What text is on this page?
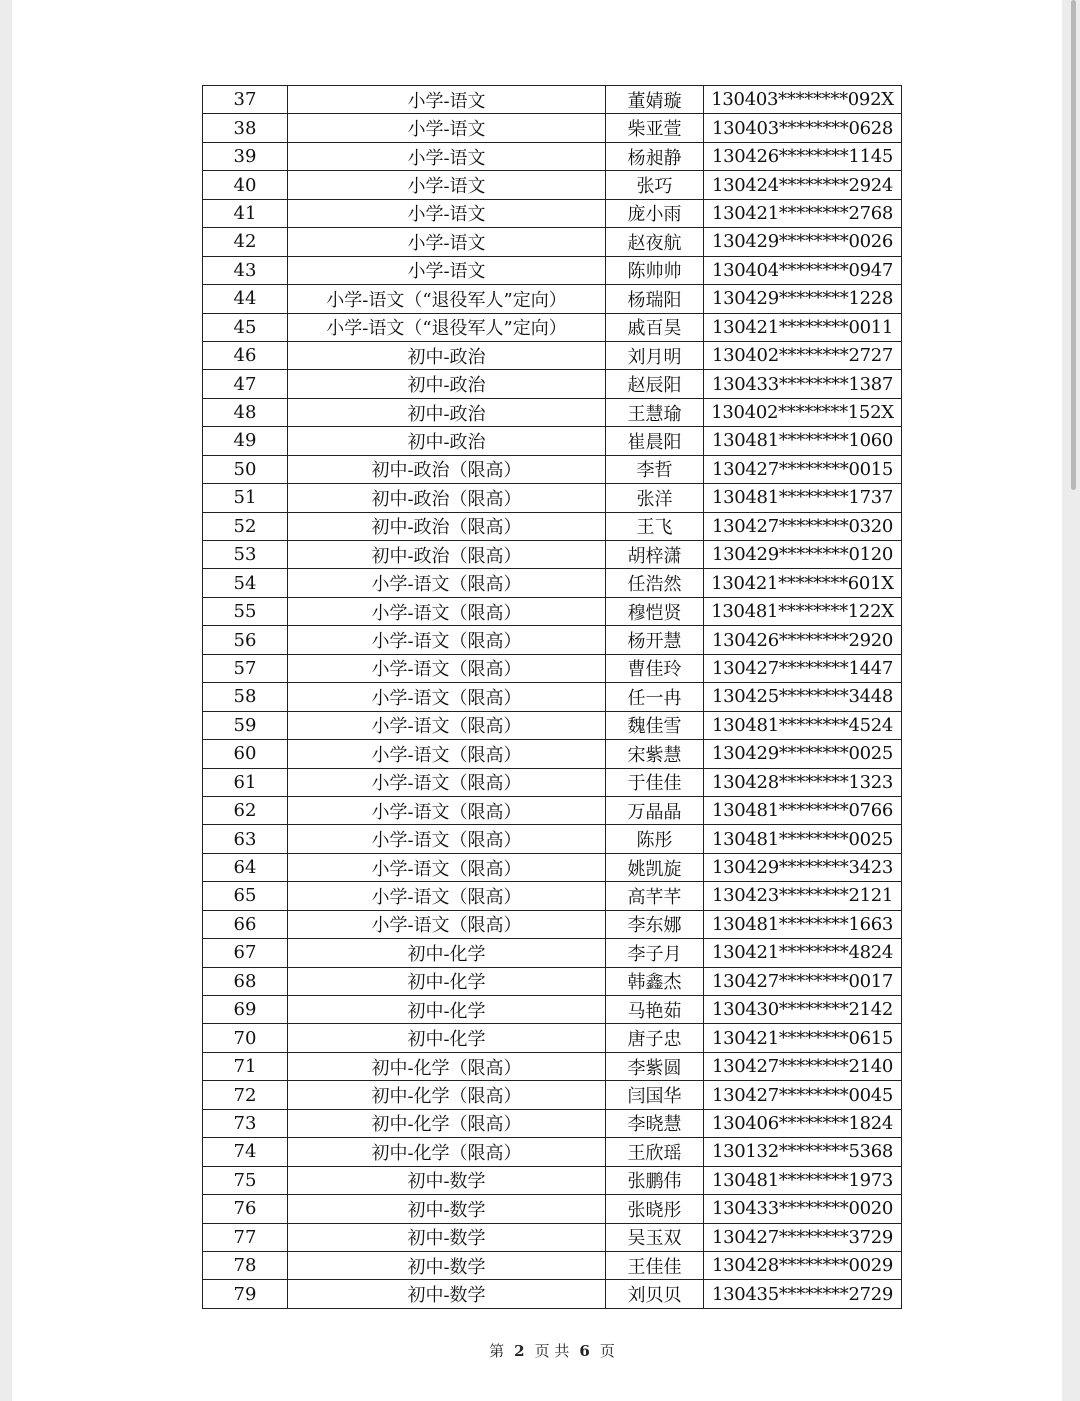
37	小学-语文	董婧璇	130403********092X
38	小学-语文	柴亚萱	130403********0628
39	小学-语文	杨昶静	130426********1145
40	小学-语文	张巧	130424********2924
41	小学-语文	庞小雨	130421********2768
42	小学-语文	赵夜航	130429********0026
43	小学-语文	陈帅帅	130404********0947
44	小学-语文（“退役军人”定向）	杨瑞阳	130429********1228
45	小学-语文（“退役军人”定向）	戚百昊	130421********0011
46	初中-政治	刘月明	130402********2727
47	初中-政治	赵辰阳	130433********1387
48	初中-政治	王慧瑜	130402********152X
49	初中-政治	崔晨阳	130481********1060
50	初中-政治（限高）	李哲	130427********0015
51	初中-政治（限高）	张洋	130481********1737
52	初中-政治（限高）	王飞	130427********0320
53	初中-政治（限高）	胡梓潇	130429********0120
54	小学-语文（限高）	任浩然	130421********601X
55	小学-语文（限高）	穆恺贤	130481********122X
56	小学-语文（限高）	杨开慧	130426********2920
57	小学-语文（限高）	曹佳玲	130427********1447
58	小学-语文（限高）	任一冉	130425********3448
59	小学-语文（限高）	魏佳雪	130481********4524
60	小学-语文（限高）	宋紫慧	130429********0025
61	小学-语文（限高）	于佳佳	130428********1323
62	小学-语文（限高）	万晶晶	130481********0766
63	小学-语文（限高）	陈彤	130481********0025
64	小学-语文（限高）	姚凯旋	130429********3423
65	小学-语文（限高）	高芊芊	130423********2121
66	小学-语文（限高）	李东娜	130481********1663
67	初中-化学	李子月	130421********4824
68	初中-化学	韩鑫杰	130427********0017
69	初中-化学	马艳茹	130430********2142
70	初中-化学	唐子忠	130421********0615
71	初中-化学（限高）	李紫圆	130427********2140
72	初中-化学（限高）	闫国华	130427********0045
73	初中-化学（限高）	李晓慧	130406********1824
74	初中-化学（限高）	王欣瑶	130132********5368
75	初中-数学	张鹏伟	130481********1973
76	初中-数学	张晓彤	130433********0020
77	初中-数学	吴玉双	130427********3729
78	初中-数学	王佳佳	130428********0029
79	初中-数学	刘贝贝	130435********2729
第 2 页 共 6 页
